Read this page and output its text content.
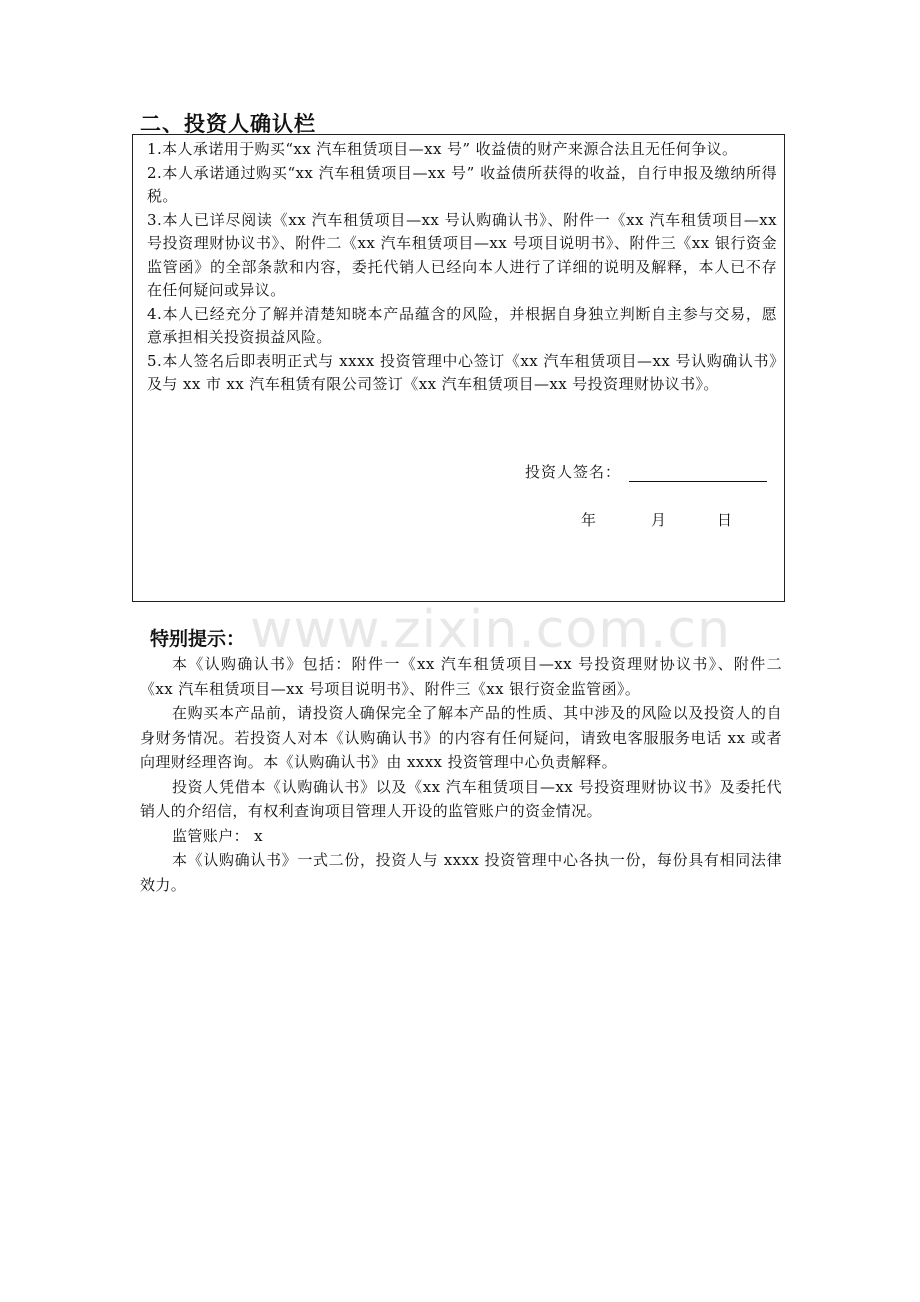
二、投资人确认栏
1.本人承诺用于购买“xx 汽车租赁项目—xx 号” 收益债的财产来源合法且无任何争议。
2.本人承诺通过购买“xx 汽车租赁项目—xx 号” 收益债所获得的收益，自行申报及缴纳所得税。
3.本人已详尽阅读《xx 汽车租赁项目—xx 号认购确认书》、附件一《xx 汽车租赁项目—xx 号投资理财协议书》、附件二《xx 汽车租赁项目—xx 号项目说明书》、附件三《xx 银行资金监管函》的全部条款和内容，委托代销人已经向本人进行了详细的说明及解释，本人已不存在任何疑问或异议。
4.本人已经充分了解并清楚知晓本产品蕴含的风险，并根据自身独立判断自主参与交易，愿意承担相关投资损益风险。
5.本人签名后即表明正式与 xxxx 投资管理中心签订《xx 汽车租赁项目—xx 号认购确认书》及与 xx 市 xx 汽车租赁有限公司签订《xx 汽车租赁项目—xx 号投资理财协议书》。
投资人签名：
年	月	日
www.zixin.com.cn
特别提示：

本《认购确认书》包括：附件一《xx 汽车租赁项目—xx 号投资理财协议书》、附件二《xx 汽车租赁项目—xx 号项目说明书》、附件三《xx 银行资金监管函》。

在购买本产品前，请投资人确保完全了解本产品的性质、其中涉及的风险以及投资人的自身财务情况。若投资人对本《认购确认书》的内容有任何疑问，请致电客服服务电话 xx 或者向理财经理咨询。本《认购确认书》由 xxxx 投资管理中心负责解释。

投资人凭借本《认购确认书》以及《xx 汽车租赁项目—xx 号投资理财协议书》及委托代销人的介绍信，有权利查询项目管理人开设的监管账户的资金情况。

监管账户： x

本《认购确认书》一式二份，投资人与 xxxx 投资管理中心各执一份，每份具有相同法律效力。
